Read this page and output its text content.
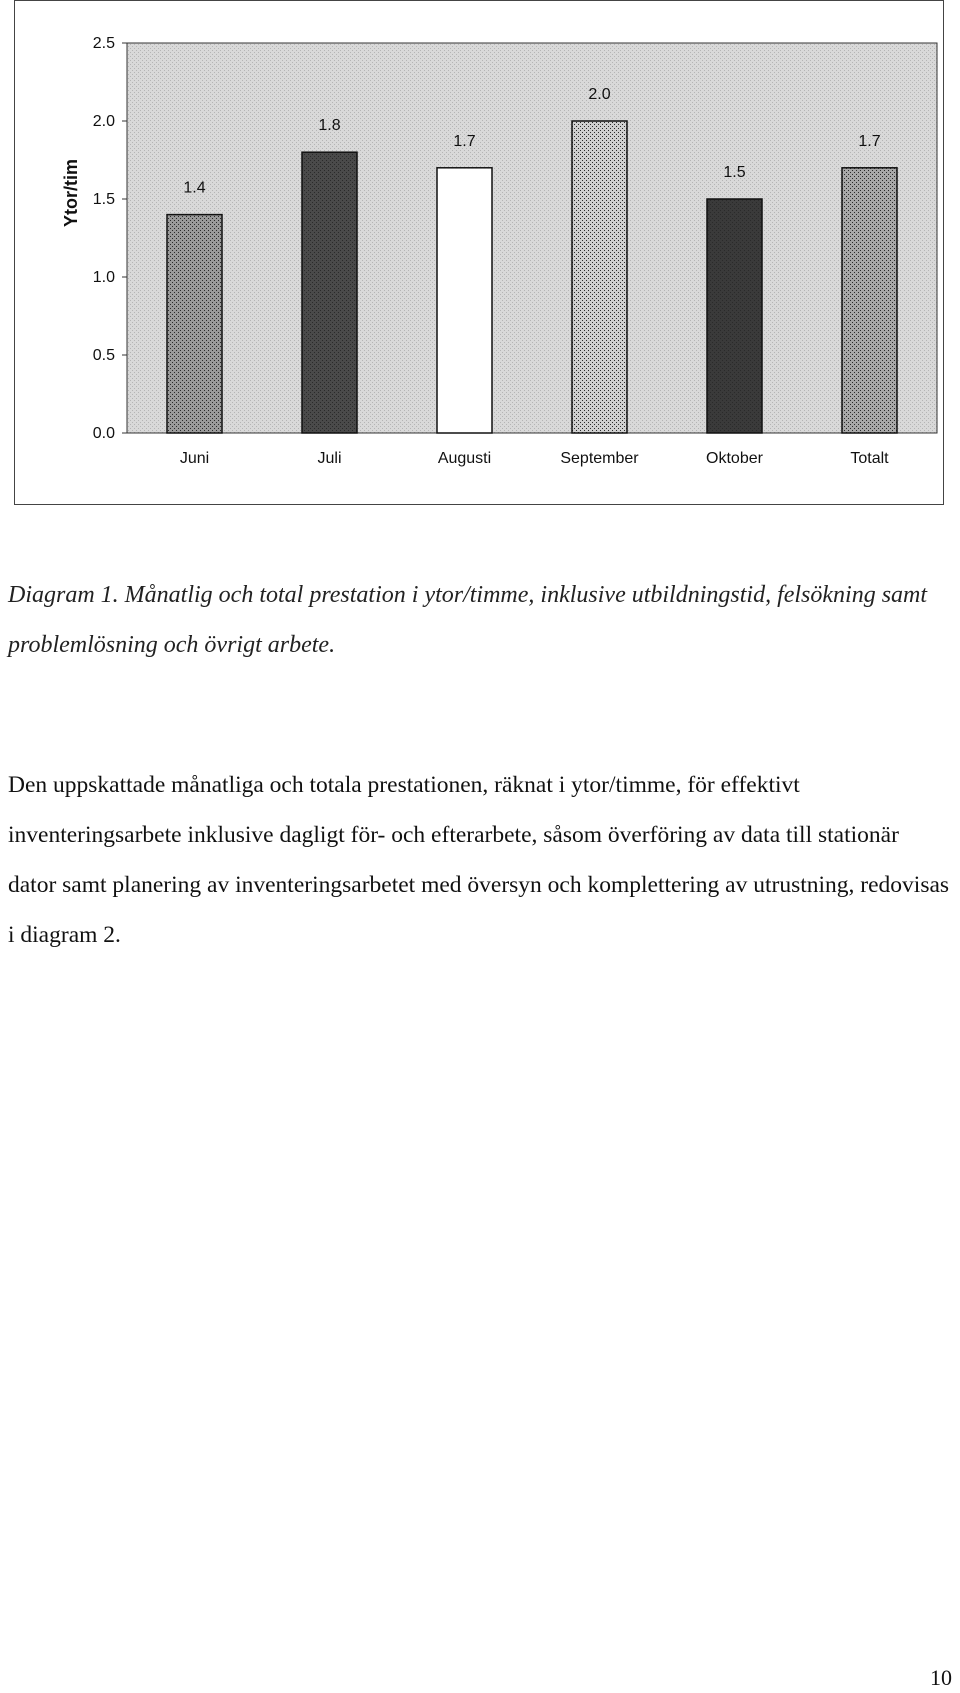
0.0
0.5
1.0
1.5
2.0
2.5
Ytor/tim	1.4
1.8
1.7
2.0
1.5
1.7
Juni	Juli	Augusti	September	Oktober	Totalt
Diagram 1. Månatlig och total prestation i ytor/timme, inklusive utbildningstid, felsökning samt problemlösning och övrigt arbete.
Den uppskattade månatliga och totala prestationen, räknat i ytor/timme, för effektivt inventeringsarbete inklusive dagligt för- och efterarbete, såsom överföring av data till stationär dator samt planering av inventeringsarbetet med översyn och komplettering av utrustning, redovisas i diagram 2.
10
